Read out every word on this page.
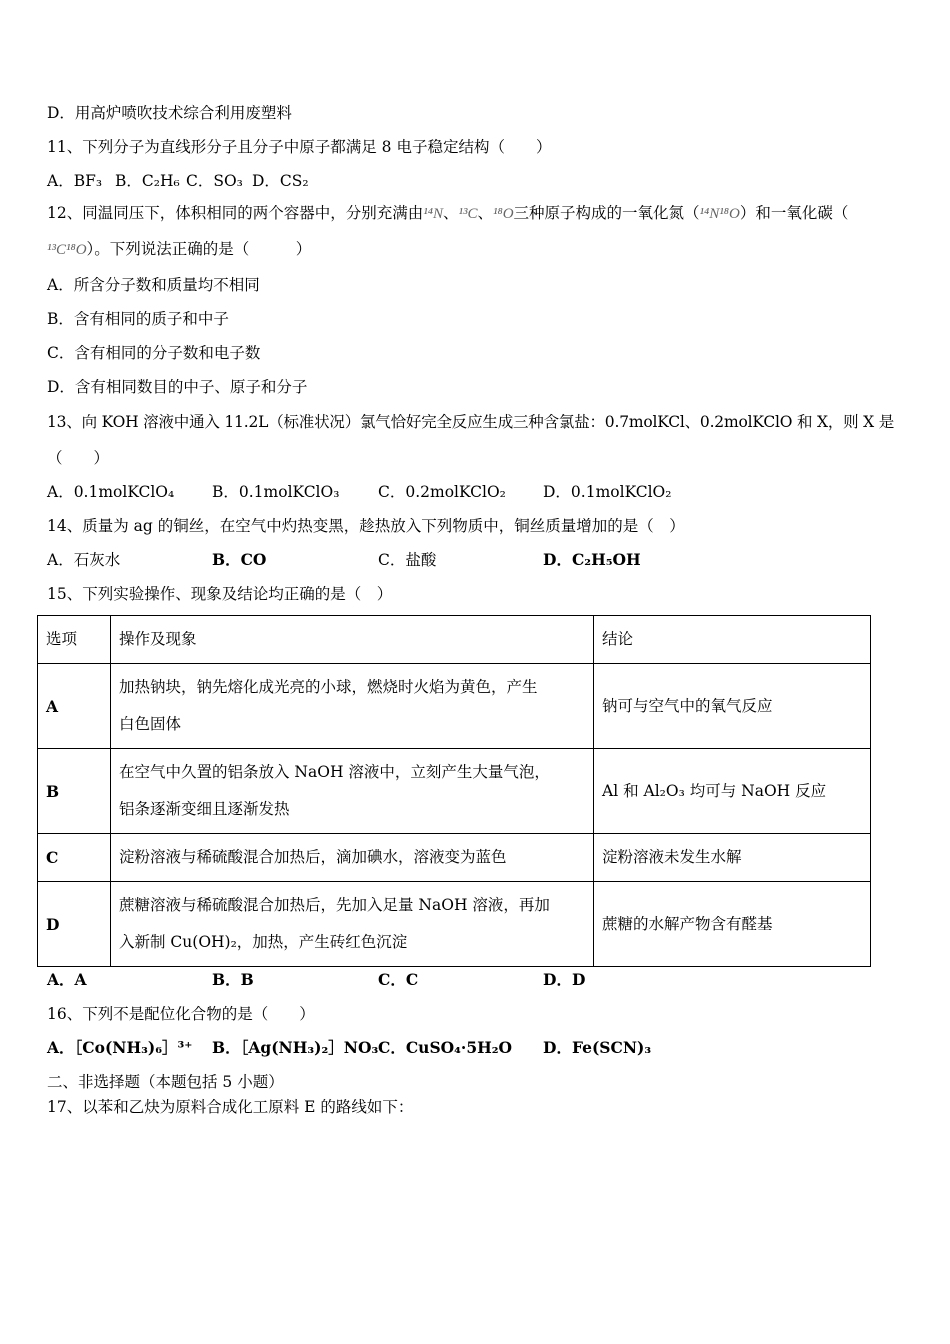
D．用高炉喷吹技术综合利用废塑料
11、下列分子为直线形分子且分子中原子都满足 8 电子稳定结构（　　）
A．BF₃ B．C₂H₆ C．SO₃ D．CS₂
12、同温同压下，体积相同的两个容器中，分别充满由¹⁴N、¹³C、¹⁸O三种原子构成的一氧化氮（¹⁴N¹⁸O）和一氧化碳（
¹³C¹⁸O）。下列说法正确的是（　　　）
A．所含分子数和质量均不相同
B．含有相同的质子和中子
C．含有相同的分子数和电子数
D．含有相同数目的中子、原子和分子
13、向 KOH 溶液中通入 11.2L（标准状况）氯气恰好完全反应生成三种含氯盐：0.7molKCl、0.2molKClO 和 X，则 X 是
（　　）
A．0.1molKClO₄ B．0.1molKClO₃ C．0.2molKClO₂ D．0.1molKClO₂
14、质量为 ag 的铜丝，在空气中灼热变黑，趁热放入下列物质中，铜丝质量增加的是（　）
A．石灰水	B．CO	C．盐酸	D．C₂H₅OH
15、下列实验操作、现象及结论均正确的是（　）
选项	操作及现象	结论
A	加热钠块，钠先熔化成光亮的小球，燃烧时火焰为黄色，产生
白色固体	钠可与空气中的氧气反应
B	在空气中久置的铝条放入 NaOH 溶液中，立刻产生大量气泡，
铝条逐渐变细且逐渐发热	Al 和 Al₂O₃ 均可与 NaOH 反应
C	淀粉溶液与稀硫酸混合加热后，滴加碘水，溶液变为蓝色	淀粉溶液未发生水解
D	蔗糖溶液与稀硫酸混合加热后，先加入足量 NaOH 溶液，再加
入新制 Cu(OH)₂，加热，产生砖红色沉淀	蔗糖的水解产物含有醛基
A．A	B．B	C．C	D．D
16、下列不是配位化合物的是（　　）
A．［Co(NH₃)₆］³⁺ B．［Ag(NH₃)₂］NO₃ C．CuSO₄·5H₂O D．Fe(SCN)₃
二、非选择题（本题包括 5 小题）
17、以苯和乙炔为原料合成化工原料 E 的路线如下：
